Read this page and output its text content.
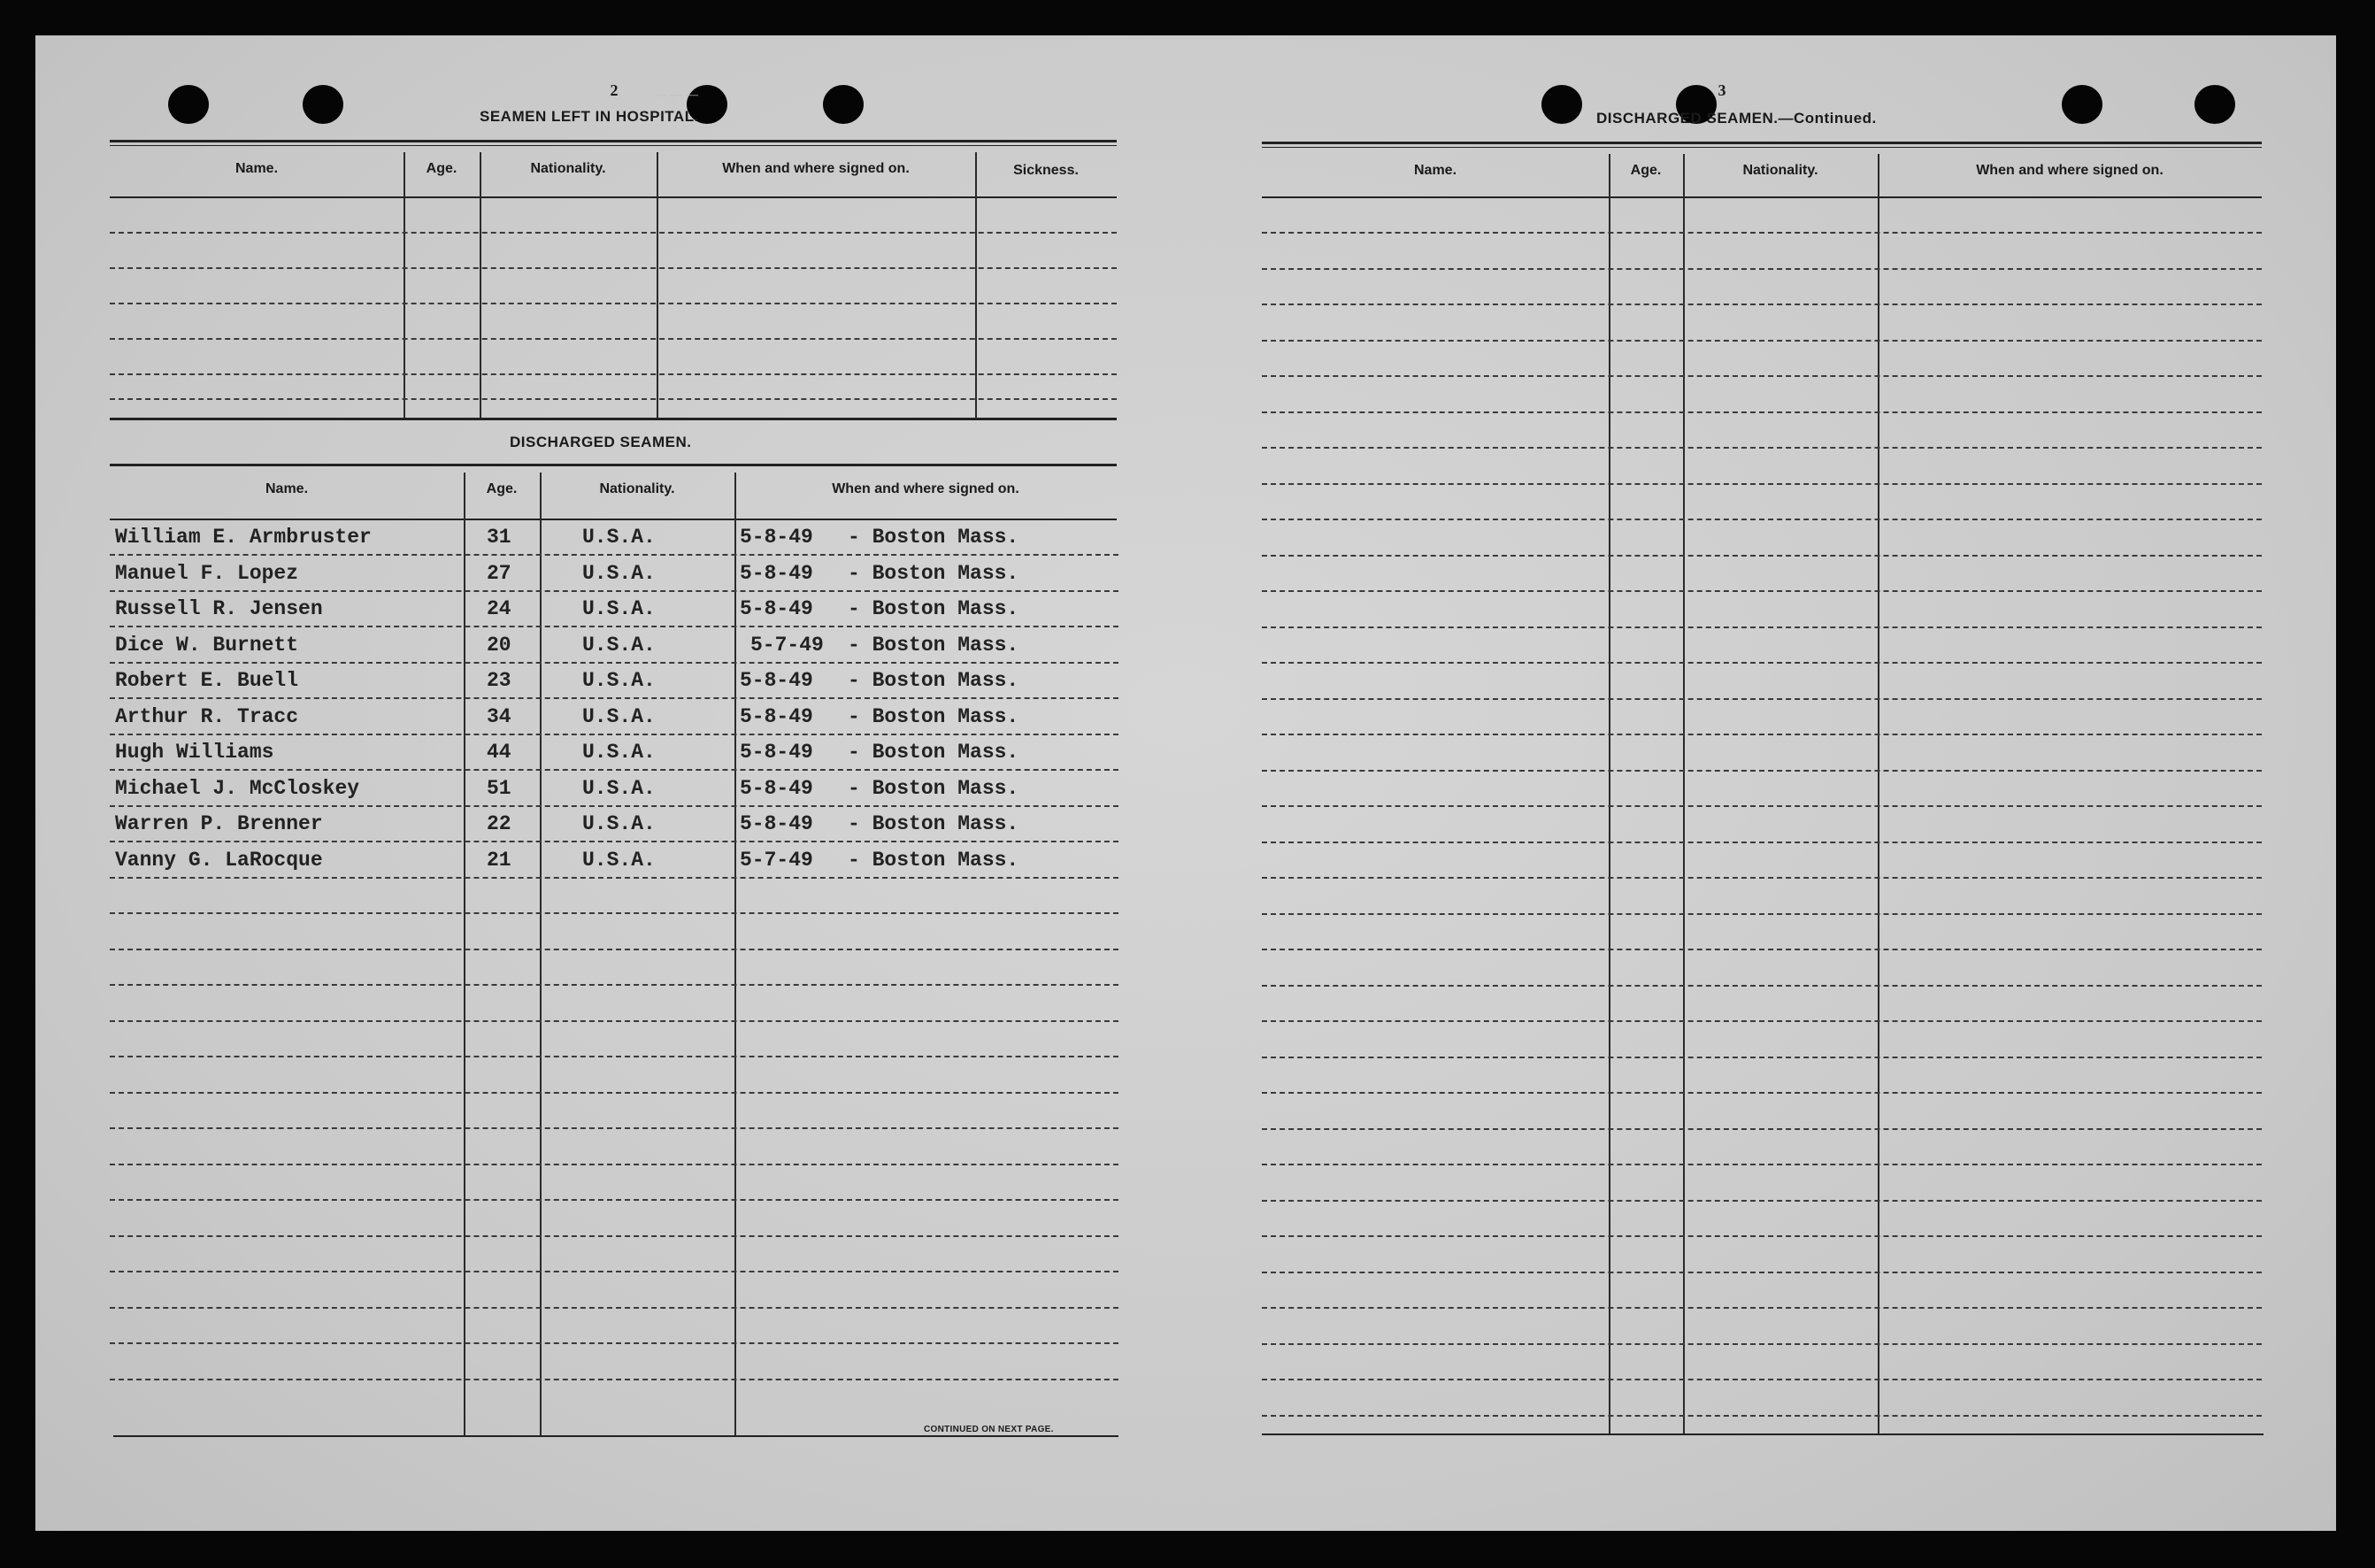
2
SEAMEN LEFT IN HOSPITAL.
Name.	Age.	Nationality.	When and where signed on.	Sickness.
DISCHARGED SEAMEN.
Name.	Age.	Nationality.	When and where signed on.
William E. Armbruster	31	U.S.A.	5-8-49 - Boston Mass.
Manuel F. Lopez	27	U.S.A.	5-8-49 - Boston Mass.
Russell R. Jensen	24	U.S.A.	5-8-49 - Boston Mass.
Dice W. Burnett	20	U.S.A.	5-7-49 - Boston Mass.
Robert E. Buell	23	U.S.A.	5-8-49 - Boston Mass.
Arthur R. Tracc	34	U.S.A.	5-8-49 - Boston Mass.
Hugh Williams	44	U.S.A.	5-8-49 - Boston Mass.
Michael J. McCloskey	51	U.S.A.	5-8-49 - Boston Mass.
Warren P. Brenner	22	U.S.A.	5-8-49 - Boston Mass.
Vanny G. LaRocque	21	U.S.A.	5-7-49 - Boston Mass.
CONTINUED ON NEXT PAGE.
— — —	3
DISCHARGED SEAMEN.—Continued.
Name.	Age.	Nationality.	When and where signed on.
